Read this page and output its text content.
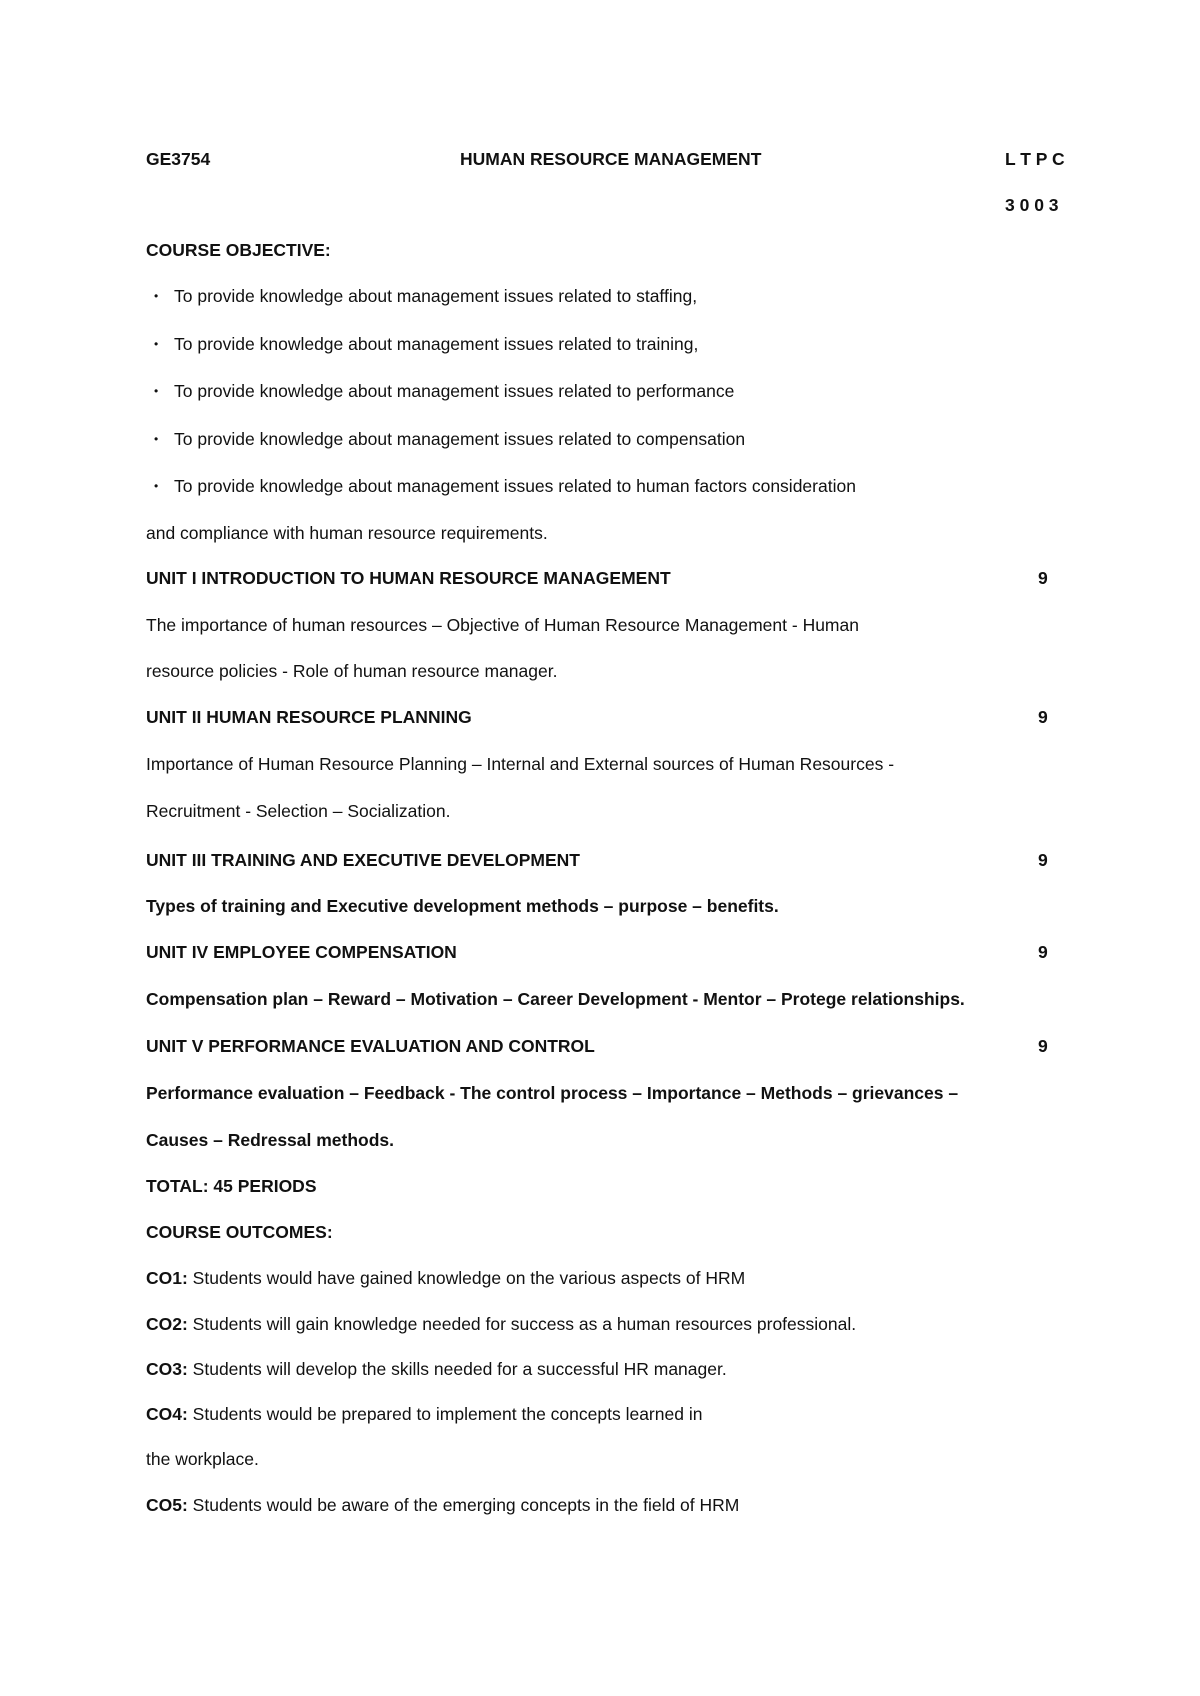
GE3754	HUMAN RESOURCE MANAGEMENT	L T P C
3 0 0 3
COURSE OBJECTIVE:
• To provide knowledge about management issues related to staffing,
• To provide knowledge about management issues related to training,
• To provide knowledge about management issues related to performance
• To provide knowledge about management issues related to compensation
• To provide knowledge about management issues related to human factors consideration
and compliance with human resource requirements.
UNIT I INTRODUCTION TO HUMAN RESOURCE MANAGEMENT	9
The importance of human resources – Objective of Human Resource Management - Human
resource policies - Role of human resource manager.
UNIT II HUMAN RESOURCE PLANNING	9
Importance of Human Resource Planning – Internal and External sources of Human Resources -
Recruitment - Selection – Socialization.
UNIT III TRAINING AND EXECUTIVE DEVELOPMENT	9
Types of training and Executive development methods – purpose – benefits.
UNIT IV EMPLOYEE COMPENSATION	9
Compensation plan – Reward – Motivation – Career Development - Mentor – Protege relationships.
UNIT V PERFORMANCE EVALUATION AND CONTROL	9
Performance evaluation – Feedback - The control process – Importance – Methods – grievances –
Causes – Redressal methods.
TOTAL: 45 PERIODS
COURSE OUTCOMES:
CO1: Students would have gained knowledge on the various aspects of HRM
CO2: Students will gain knowledge needed for success as a human resources professional.
CO3: Students will develop the skills needed for a successful HR manager.
CO4: Students would be prepared to implement the concepts learned in
the workplace.
CO5: Students would be aware of the emerging concepts in the field of HRM
